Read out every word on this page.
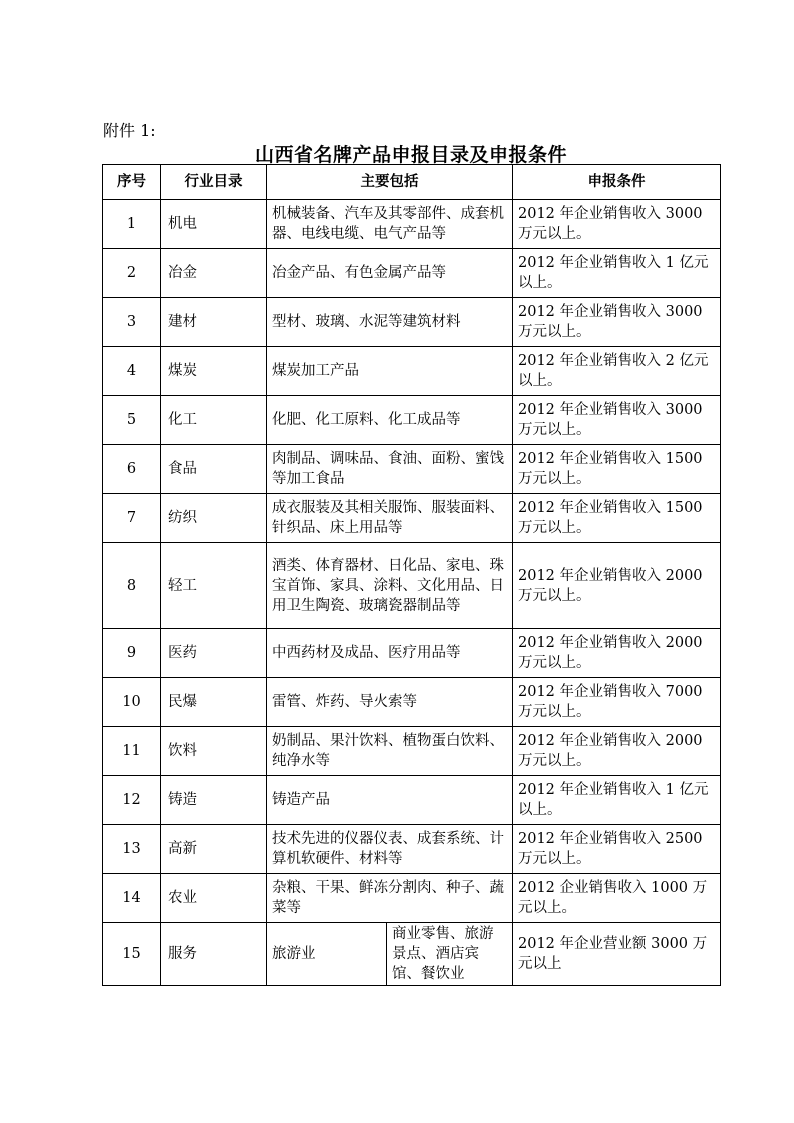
附件 1:
山西省名牌产品申报目录及申报条件
序号	行业目录	主要包括		申报条件
1	机电	机械装备、汽车及其零部件、成套机器、电线电缆、电气产品等		2012 年企业销售收入 3000 万元以上。
2	冶金	冶金产品、有色金属产品等		2012 年企业销售收入 1 亿元以上。
3	建材	型材、玻璃、水泥等建筑材料		2012 年企业销售收入 3000 万元以上。
4	煤炭	煤炭加工产品		2012 年企业销售收入 2 亿元以上。
5	化工	化肥、化工原料、化工成品等		2012 年企业销售收入 3000 万元以上。
6	食品	肉制品、调味品、食油、面粉、蜜饯等加工食品		2012 年企业销售收入 1500 万元以上。
7	纺织	成衣服装及其相关服饰、服装面料、针织品、床上用品等		2012 年企业销售收入 1500 万元以上。
8	轻工	酒类、体育器材、日化品、家电、珠宝首饰、家具、涂料、文化用品、日用卫生陶瓷、玻璃瓷器制品等		2012 年企业销售收入 2000 万元以上。
9	医药	中西药材及成品、医疗用品等		2012 年企业销售收入 2000 万元以上。
10	民爆	雷管、炸药、导火索等		2012 年企业销售收入 7000 万元以上。
11	饮料	奶制品、果汁饮料、植物蛋白饮料、纯净水等		2012 年企业销售收入 2000 万元以上。
12	铸造	铸造产品		2012 年企业销售收入 1 亿元以上。
13	高新	技术先进的仪器仪表、成套系统、计算机软硬件、材料等		2012 年企业销售收入 2500 万元以上。
14	农业	杂粮、干果、鲜冻分割肉、种子、蔬菜等		2012 企业销售收入 1000 万元以上。
15	服务	旅游业	商业零售、旅游景点、酒店宾馆、餐饮业	2012 年企业营业额 3000 万元以上
